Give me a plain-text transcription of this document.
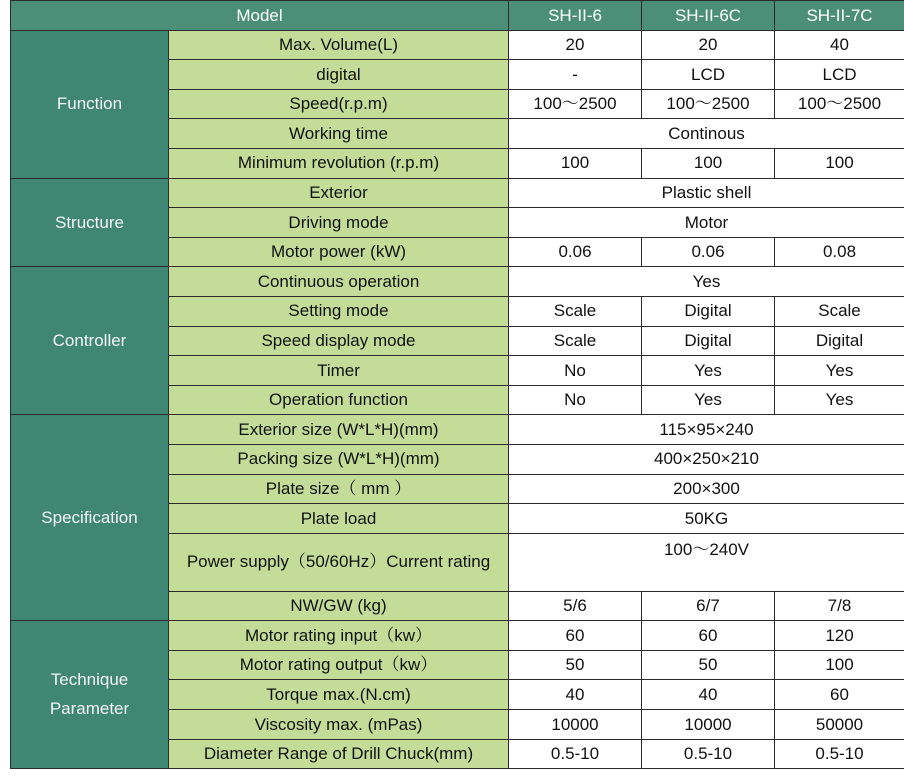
Model		SH-II-6	SH-II-6C	SH-II-7C
Function	Max. Volume(L)	20	20	40
	digital	-	LCD	LCD
	Speed(r.p.m)	100～2500	100～2500	100～2500
	Working time	Continous		
	Minimum revolution (r.p.m)	100	100	100
Structure	Exterior	Plastic shell		
	Driving mode	Motor		
	Motor power (kW)	0.06	0.06	0.08
Controller	Continuous operation	Yes		
	Setting mode	Scale	Digital	Scale
	Speed display mode	Scale	Digital	Digital
	Timer	No	Yes	Yes
	Operation function	No	Yes	Yes
Specification	Exterior size (W*L*H)(mm)	115×95×240		
	Packing size (W*L*H)(mm)	400×250×210		
	Plate size（ mm ）	200×300		
	Plate load	50KG		
	Power supply（50/60Hz）Current rating	100～240V		
	NW/GW (kg)	5/6	6/7	7/8
Technique Parameter	Motor rating input（kw）	60	60	120
	Motor rating output（kw）	50	50	100
	Torque max.(N.cm)	40	40	60
	Viscosity max. (mPas)	10000	10000	50000
	Diameter Range of Drill Chuck(mm)	0.5-10	0.5-10	0.5-10
